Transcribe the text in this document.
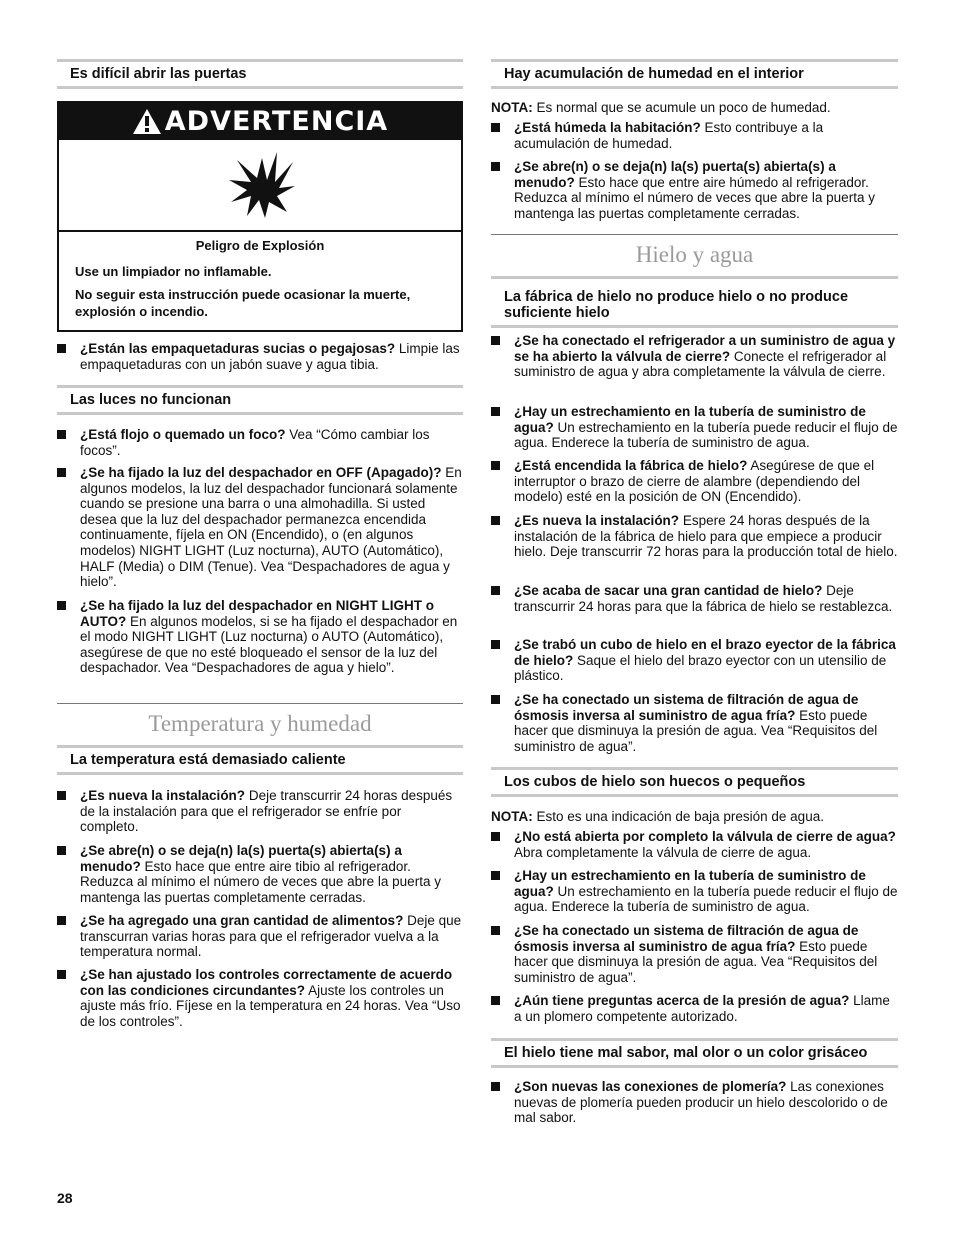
Es difícil abrir las puertas
ADVERTENCIA
Peligro de Explosión
Use un limpiador no inflamable.
No seguir esta instrucción puede ocasionar la muerte, explosión o incendio.
¿Están las empaquetaduras sucias o pegajosas? Limpie las empaquetaduras con un jabón suave y agua tibia.
Las luces no funcionan
¿Está flojo o quemado un foco? Vea “Cómo cambiar los focos”.
¿Se ha fijado la luz del despachador en OFF (Apagado)? En algunos modelos, la luz del despachador funcionará solamente cuando se presione una barra o una almohadilla. Si usted desea que la luz del despachador permanezca encendida continuamente, fíjela en ON (Encendido), o (en algunos modelos) NIGHT LIGHT (Luz nocturna), AUTO (Automático), HALF (Media) o DIM (Tenue). Vea “Despachadores de agua y hielo”.
¿Se ha fijado la luz del despachador en NIGHT LIGHT o AUTO? En algunos modelos, si se ha fijado el despachador en el modo NIGHT LIGHT (Luz nocturna) o AUTO (Automático), asegúrese de que no esté bloqueado el sensor de la luz del despachador. Vea “Despachadores de agua y hielo”.
Temperatura y humedad
La temperatura está demasiado caliente
¿Es nueva la instalación? Deje transcurrir 24 horas después de la instalación para que el refrigerador se enfríe por completo.
¿Se abre(n) o se deja(n) la(s) puerta(s) abierta(s) a menudo? Esto hace que entre aire tibio al refrigerador. Reduzca al mínimo el número de veces que abre la puerta y mantenga las puertas completamente cerradas.
¿Se ha agregado una gran cantidad de alimentos? Deje que transcurran varias horas para que el refrigerador vuelva a la temperatura normal.
¿Se han ajustado los controles correctamente de acuerdo con las condiciones circundantes? Ajuste los controles un ajuste más frío. Fíjese en la temperatura en 24 horas. Vea “Uso de los controles”.
Hay acumulación de humedad en el interior
NOTA: Es normal que se acumule un poco de humedad.
¿Está húmeda la habitación? Esto contribuye a la acumulación de humedad.
¿Se abre(n) o se deja(n) la(s) puerta(s) abierta(s) a menudo? Esto hace que entre aire húmedo al refrigerador. Reduzca al mínimo el número de veces que abre la puerta y mantenga las puertas completamente cerradas.
Hielo y agua
La fábrica de hielo no produce hielo o no produce suficiente hielo
¿Se ha conectado el refrigerador a un suministro de agua y se ha abierto la válvula de cierre? Conecte el refrigerador al suministro de agua y abra completamente la válvula de cierre.
¿Hay un estrechamiento en la tubería de suministro de agua? Un estrechamiento en la tubería puede reducir el flujo de agua. Enderece la tubería de suministro de agua.
¿Está encendida la fábrica de hielo? Asegúrese de que el interruptor o brazo de cierre de alambre (dependiendo del modelo) esté en la posición de ON (Encendido).
¿Es nueva la instalación? Espere 24 horas después de la instalación de la fábrica de hielo para que empiece a producir hielo. Deje transcurrir 72 horas para la producción total de hielo.
¿Se acaba de sacar una gran cantidad de hielo? Deje transcurrir 24 horas para que la fábrica de hielo se restablezca.
¿Se trabó un cubo de hielo en el brazo eyector de la fábrica de hielo? Saque el hielo del brazo eyector con un utensilio de plástico.
¿Se ha conectado un sistema de filtración de agua de ósmosis inversa al suministro de agua fría? Esto puede hacer que disminuya la presión de agua. Vea “Requisitos del suministro de agua”.
Los cubos de hielo son huecos o pequeños
NOTA: Esto es una indicación de baja presión de agua.
¿No está abierta por completo la válvula de cierre de agua? Abra completamente la válvula de cierre de agua.
¿Hay un estrechamiento en la tubería de suministro de agua? Un estrechamiento en la tubería puede reducir el flujo de agua. Enderece la tubería de suministro de agua.
¿Se ha conectado un sistema de filtración de agua de ósmosis inversa al suministro de agua fría? Esto puede hacer que disminuya la presión de agua. Vea “Requisitos del suministro de agua”.
¿Aún tiene preguntas acerca de la presión de agua? Llame a un plomero competente autorizado.
El hielo tiene mal sabor, mal olor o un color grisáceo
¿Son nuevas las conexiones de plomería? Las conexiones nuevas de plomería pueden producir un hielo descolorido o de mal sabor.
28
